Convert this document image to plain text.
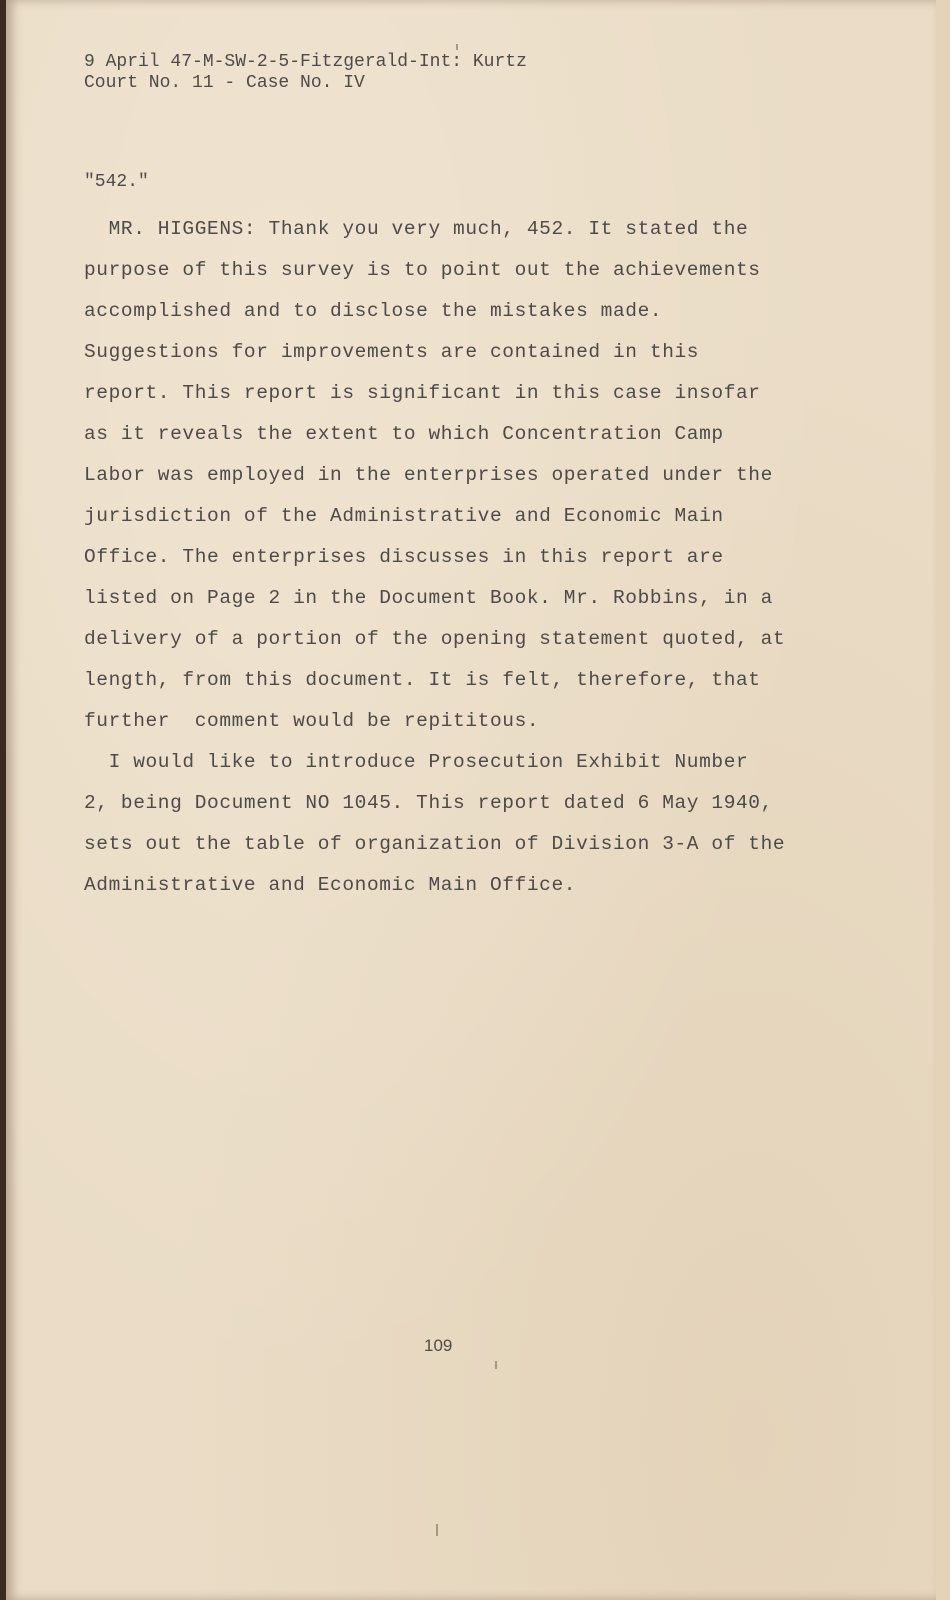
9 April 47-M-SW-2-5-Fitzgerald-Int: Kurtz
Court No. 11 - Case No. IV
"542."
MR. HIGGENS: Thank you very much, 452. It stated the
purpose of this survey is to point out the achievements
accomplished and to disclose the mistakes made.
Suggestions for improvements are contained in this
report. This report is significant in this case insofar
as it reveals the extent to which Concentration Camp
Labor was employed in the enterprises operated under the
jurisdiction of the Administrative and Economic Main
Office. The enterprises discusses in this report are
listed on Page 2 in the Document Book. Mr. Robbins, in a
delivery of a portion of the opening statement quoted, at
length, from this document. It is felt, therefore, that
further  comment would be repititous.
I would like to introduce Prosecution Exhibit Number
2, being Document NO 1045. This report dated 6 May 1940,
sets out the table of organization of Division 3-A of the
Administrative and Economic Main Office.
109
